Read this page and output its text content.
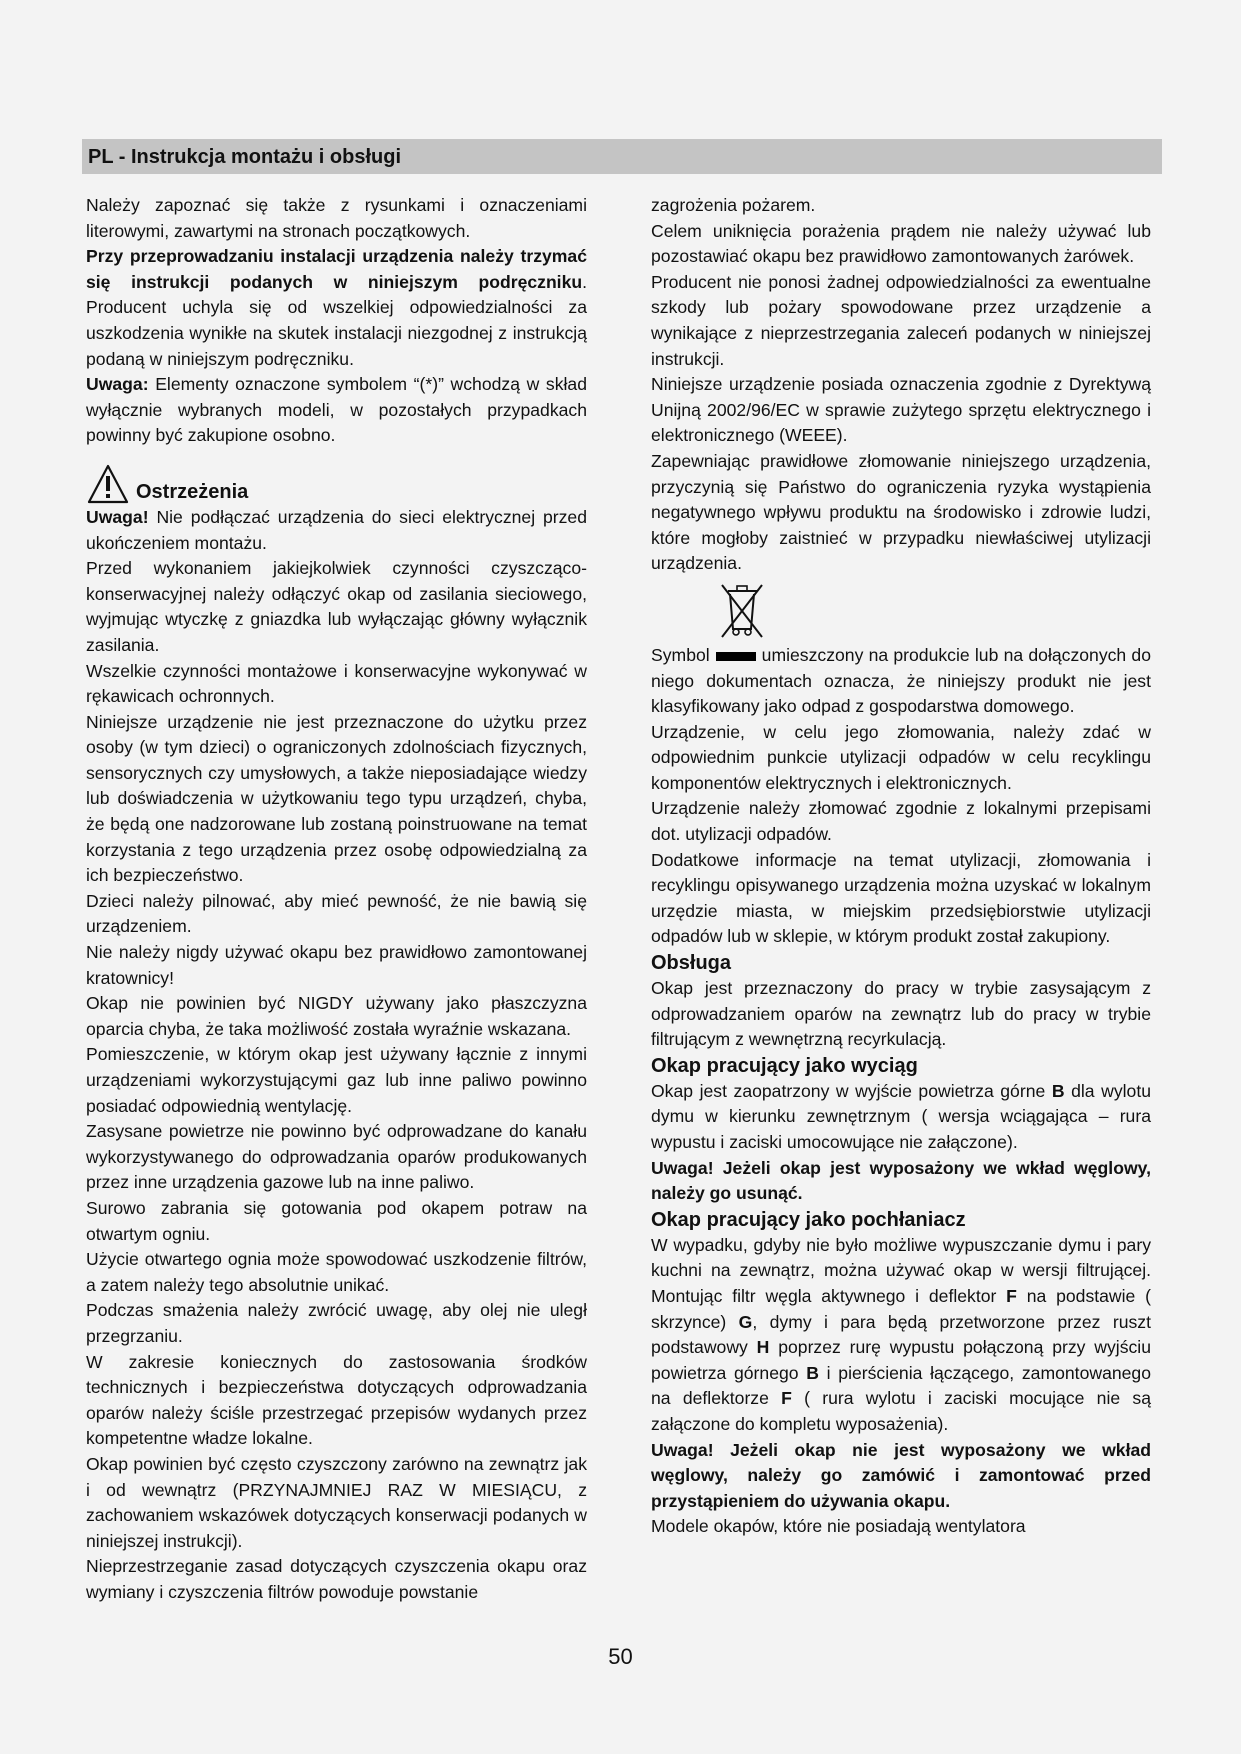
PL - Instrukcja montażu i obsługi

Należy zapoznać się także z rysunkami i oznaczeniami literowymi, zawartymi na stronach początkowych.

Przy przeprowadzaniu instalacji urządzenia należy trzymać się instrukcji podanych w niniejszym podręczniku. Producent uchyla się od wszelkiej odpowiedzialności za uszkodzenia wynikłe na skutek instalacji niezgodnej z instrukcją podaną w niniejszym podręczniku.

Uwaga: Elementy oznaczone symbolem “(*)” wchodzą w skład wyłącznie wybranych modeli, w pozostałych przypadkach powinny być zakupione osobno.

Ostrzeżenia

Uwaga! Nie podłączać urządzenia do sieci elektrycznej przed ukończeniem montażu.

Przed wykonaniem jakiejkolwiek czynności czyszcząco-konserwacyjnej należy odłączyć okap od zasilania sieciowego, wyjmując wtyczkę z gniazdka lub wyłączając główny wyłącznik zasilania.

Wszelkie czynności montażowe i konserwacyjne wykonywać w rękawicach ochronnych.

Niniejsze urządzenie nie jest przeznaczone do użytku przez osoby (w tym dzieci) o ograniczonych zdolnościach fizycznych, sensorycznych czy umysłowych, a także nieposiadające wiedzy lub doświadczenia w użytkowaniu tego typu urządzeń, chyba, że będą one nadzorowane lub zostaną poinstruowane na temat korzystania z tego urządzenia przez osobę odpowiedzialną za ich bezpieczeństwo.

Dzieci należy pilnować, aby mieć pewność, że nie bawią się urządzeniem.

Nie należy nigdy używać okapu bez prawidłowo zamontowanej kratownicy!

Okap nie powinien być NIGDY używany jako płaszczyzna oparcia chyba, że taka możliwość została wyraźnie wskazana.

Pomieszczenie, w którym okap jest używany łącznie z innymi urządzeniami wykorzystującymi gaz lub inne paliwo powinno posiadać odpowiednią wentylację.

Zasysane powietrze nie powinno być odprowadzane do kanału wykorzystywanego do odprowadzania oparów produkowanych przez inne urządzenia gazowe lub na inne paliwo.

Surowo zabrania się gotowania pod okapem potraw na otwartym ogniu.

Użycie otwartego ognia może spowodować uszkodzenie filtrów, a zatem należy tego absolutnie unikać.

Podczas smażenia należy zwrócić uwagę, aby olej nie uległ przegrzaniu.

W zakresie koniecznych do zastosowania środków technicznych i bezpieczeństwa dotyczących odprowadzania oparów należy ściśle przestrzegać przepisów wydanych przez kompetentne władze lokalne.

Okap powinien być często czyszczony zarówno na zewnątrz jak i od wewnątrz (PRZYNAJMNIEJ RAZ W MIESIĄCU, z zachowaniem wskazówek dotyczących konserwacji podanych w niniejszej instrukcji).

Nieprzestrzeganie zasad dotyczących czyszczenia okapu oraz wymiany i czyszczenia filtrów powoduje powstanie

zagrożenia pożarem.

Celem uniknięcia porażenia prądem nie należy używać lub pozostawiać okapu bez prawidłowo zamontowanych żarówek.

Producent nie ponosi żadnej odpowiedzialności za ewentualne szkody lub pożary spowodowane przez urządzenie a wynikające z nieprzestrzegania zaleceń podanych w niniejszej instrukcji.

Niniejsze urządzenie posiada oznaczenia zgodnie z Dyrektywą Unijną 2002/96/EC w sprawie zużytego sprzętu elektrycznego i elektronicznego (WEEE).

Zapewniając prawidłowe złomowanie niniejszego urządzenia, przyczynią się Państwo do ograniczenia ryzyka wystąpienia negatywnego wpływu produktu na środowisko i zdrowie ludzi, które mogłoby zaistnieć w przypadku niewłaściwej utylizacji urządzenia.

Symbol	umieszczony na produkcie lub na dołączonych do niego dokumentach oznacza, że niniejszy produkt nie jest klasyfikowany jako odpad z gospodarstwa domowego.

Urządzenie, w celu jego złomowania, należy zdać w odpowiednim punkcie utylizacji odpadów w celu recyklingu komponentów elektrycznych i elektronicznych.

Urządzenie należy złomować zgodnie z lokalnymi przepisami dot. utylizacji odpadów.

Dodatkowe informacje na temat utylizacji, złomowania i recyklingu opisywanego urządzenia można uzyskać w lokalnym urzędzie miasta, w miejskim przedsiębiorstwie utylizacji odpadów lub w sklepie, w którym produkt został zakupiony.

Obsługa

Okap jest przeznaczony do pracy w trybie zasysającym z odprowadzaniem oparów na zewnątrz lub do pracy w trybie filtrującym z wewnętrzną recyrkulacją.

Okap pracujący jako wyciąg

Okap jest zaopatrzony w wyjście powietrza górne B dla wylotu dymu w kierunku zewnętrznym ( wersja wciągająca – rura wypustu i zaciski umocowujące nie załączone).

Uwaga! Jeżeli okap jest wyposażony we wkład węglowy, należy go usunąć.

Okap pracujący jako pochłaniacz

W wypadku, gdyby nie było możliwe wypuszczanie dymu i pary kuchni na zewnątrz, można używać okap w wersji filtrującej. Montując filtr węgla aktywnego i deflektor F na podstawie ( skrzynce) G, dymy i para będą przetworzone przez ruszt podstawowy H poprzez rurę wypustu połączoną przy wyjściu powietrza górnego B i pierścienia łączącego, zamontowanego na deflektorze F ( rura wylotu i zaciski mocujące nie są załączone do kompletu wyposażenia).

Uwaga! Jeżeli okap nie jest wyposażony we wkład węglowy, należy go zamówić i zamontować przed przystąpieniem do używania okapu.

Modele okapów, które nie posiadają wentylatora

50
